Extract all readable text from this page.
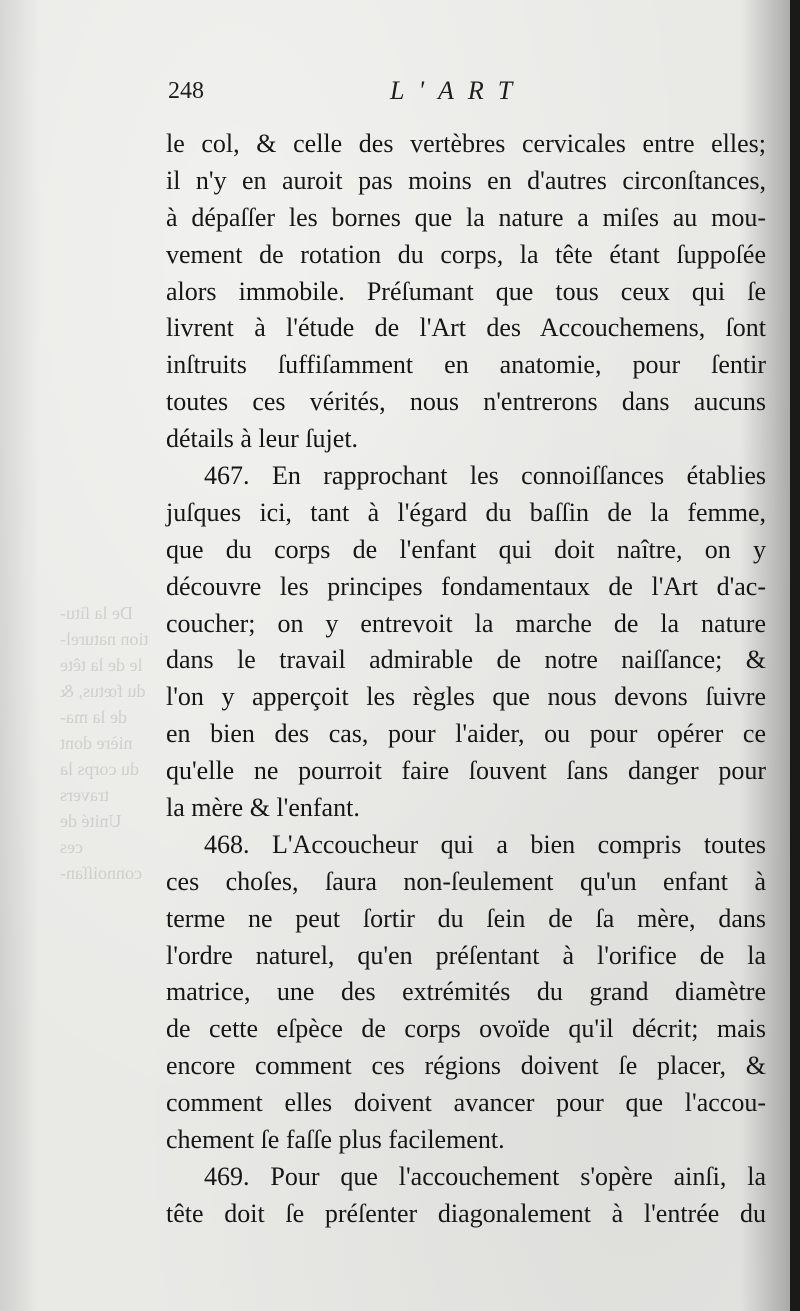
De la ſitu-
tion naturel-
le de la tête
du fœtus, &
de la ma-
nière dont
du corps la
travers
Unité de
ces
connoiſſan-
248	L'ART
le col, & celle des vertèbres cervicales entre elles;
il n'y en auroit pas moins en d'autres circonſtances,
à dépaſſer les bornes que la nature a miſes au mou-
vement de rotation du corps, la tête étant ſuppoſée
alors immobile. Préſumant que tous ceux qui ſe
livrent à l'étude de l'Art des Accouchemens, ſont
inſtruits ſuffiſamment en anatomie, pour ſentir
toutes ces vérités, nous n'entrerons dans aucuns
détails à leur ſujet.
467. En rapprochant les connoiſſances établies
juſques ici, tant à l'égard du baſſin de la femme,
que du corps de l'enfant qui doit naître, on y
découvre les principes fondamentaux de l'Art d'ac-
coucher; on y entrevoit la marche de la nature
dans le travail admirable de notre naiſſance; &
l'on y apperçoit les règles que nous devons ſuivre
en bien des cas, pour l'aider, ou pour opérer ce
qu'elle ne pourroit faire ſouvent ſans danger pour
la mère & l'enfant.
468. L'Accoucheur qui a bien compris toutes
ces choſes, ſaura non-ſeulement qu'un enfant à
terme ne peut ſortir du ſein de ſa mère, dans
l'ordre naturel, qu'en préſentant à l'orifice de la
matrice, une des extrémités du grand diamètre
de cette eſpèce de corps ovoïde qu'il décrit; mais
encore comment ces régions doivent ſe placer, &
comment elles doivent avancer pour que l'accou-
chement ſe faſſe plus facilement.
469. Pour que l'accouchement s'opère ainſi, la
tête doit ſe préſenter diagonalement à l'entrée du
